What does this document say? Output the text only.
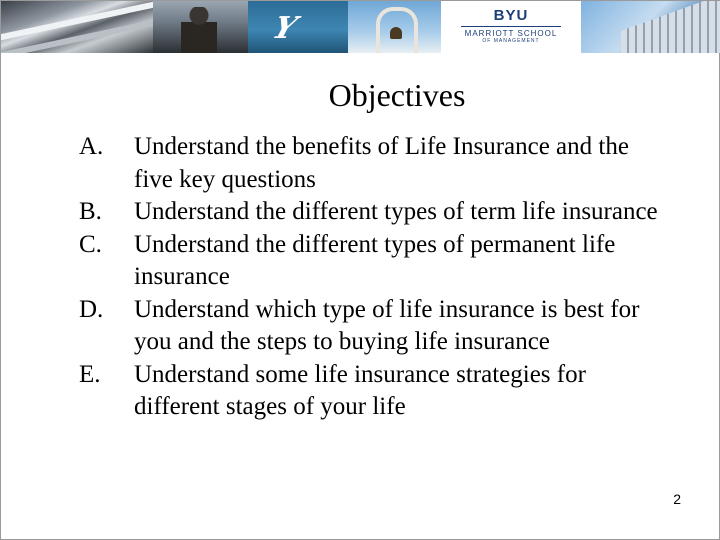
Y	BYU
MARRIOTT SCHOOL
OF MANAGEMENT
Objectives
A.	Understand the benefits of Life Insurance and the five key questions
B.	Understand the different types of term life insurance
C.	Understand the different types of permanent life insurance
D.	Understand which type of life insurance is best for you and the steps to buying life insurance
E.	Understand some life insurance strategies for different stages of your life
2
